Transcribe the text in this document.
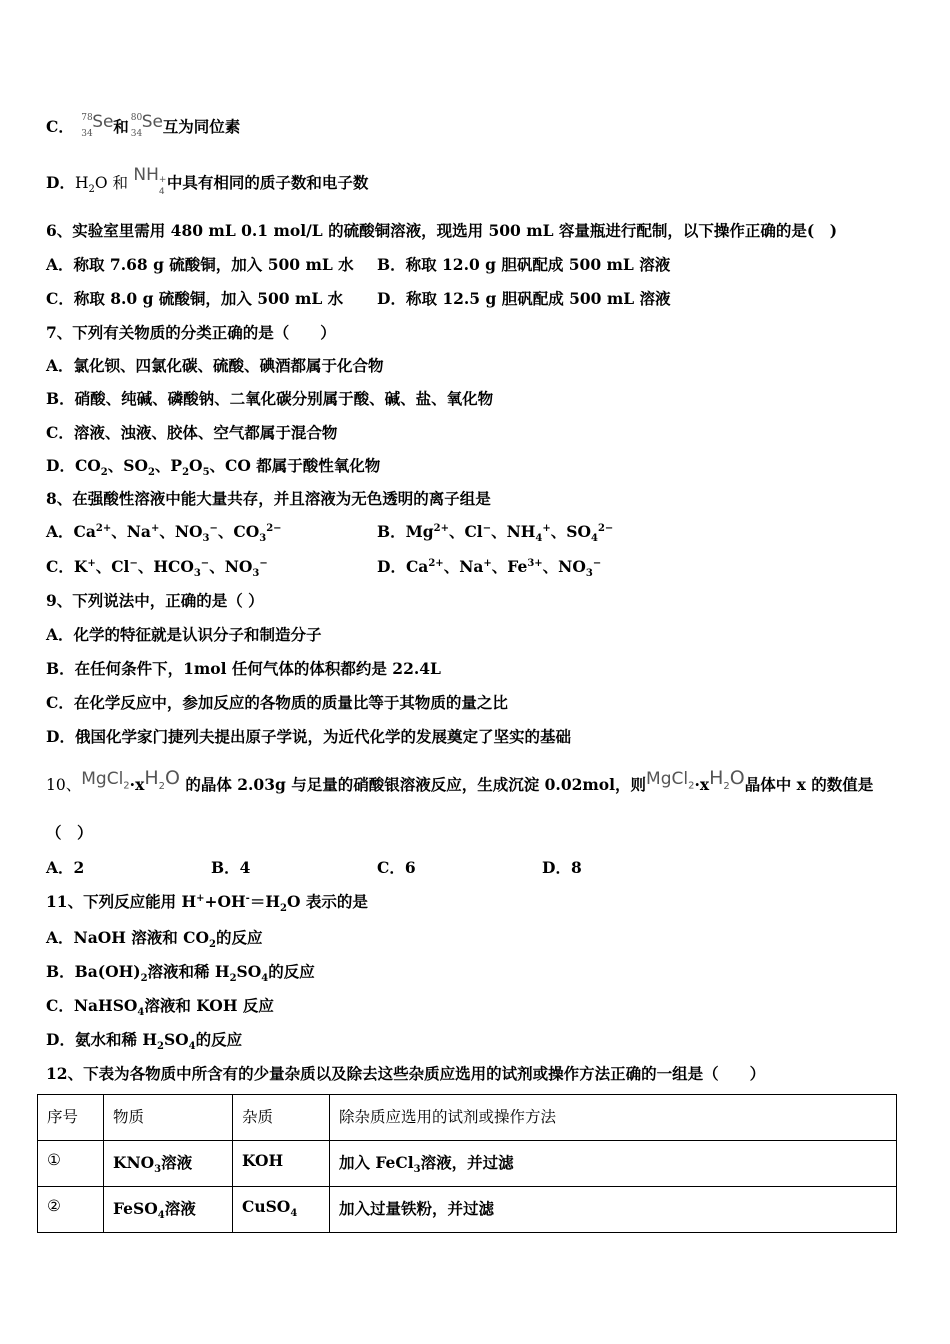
C． 78
34
Se 和 80
34
Se 互为同位素
D．$H_2O$ 和 NH +
4 中具有相同的质子数和电子数
6、实验室里需用 480 mL 0.1 mol/L 的硫酸铜溶液，现选用 500 mL 容量瓶进行配制，以下操作正确的是(　)
A．称取 7.68 g 硫酸铜，加入 500 mL 水 B．称取 12.0 g 胆矾配成 500 mL 溶液
C．称取 8.0 g 硫酸铜，加入 500 mL 水 D．称取 12.5 g 胆矾配成 500 mL 溶液
7、下列有关物质的分类正确的是（　　）
A．氯化钡、四氯化碳、硫酸、碘酒都属于化合物
B．硝酸、纯碱、磷酸钠、二氧化碳分别属于酸、碱、盐、氧化物
C．溶液、浊液、胶体、空气都属于混合物
D．$CO_2$、$SO_2$、$P_2O_5$、CO 都属于酸性氧化物
8、在强酸性溶液中能大量共存，并且溶液为无色透明的离子组是
A．$Ca^{2+}$、Na+、$NO_3^-$、$CO_3^{2-}$	B．$Mg^{2+}$、Cl−、$NH_4^+$、$SO_4^{2-}$
C．K+、Cl−、$HCO_3^-$、$NO_3^-$	D．$Ca^{2+}$、Na+、$Fe^{3+}$、$NO_3^-$
9、下列说法中，正确的是（ ）
A．化学的特征就是认识分子和制造分子
B．在任何条件下，1mol 任何气体的体积都约是 22.4L
C．在化学反应中，参加反应的各物质的质量比等于其物质的量之比
D．俄国化学家门捷列夫提出原子学说，为近代化学的发展奠定了坚实的基础
10、$MgCl_2\cdot xH_2O$ 的晶体 2.03g 与足量的硝酸银溶液反应，生成沉淀 0.02mol，则$MgCl_2\cdot xH_2O$晶体中 x 的数值是
（　）
A．2	B．4	C．6	D．8
11、下列反应能用 $H^++OH^-=H_2O$ 表示的是
A．NaOH 溶液和 $CO_2$的反应
B．$Ba(OH)_2$溶液和稀 $H_2SO_4$的反应
C．NaHSO$_4$溶液和 KOH 反应
D．氨水和稀 $H_2SO_4$的反应
12、下表为各物质中所含有的少量杂质以及除去这些杂质应选用的试剂或操作方法正确的一组是（　　）
序号	物质	杂质	除杂质应选用的试剂或操作方法
①	$KNO_3$溶液	KOH	加入 FeCl$_3$溶液，并过滤
②	FeSO$_4$溶液	CuSO$_4$	加入过量铁粉，并过滤
